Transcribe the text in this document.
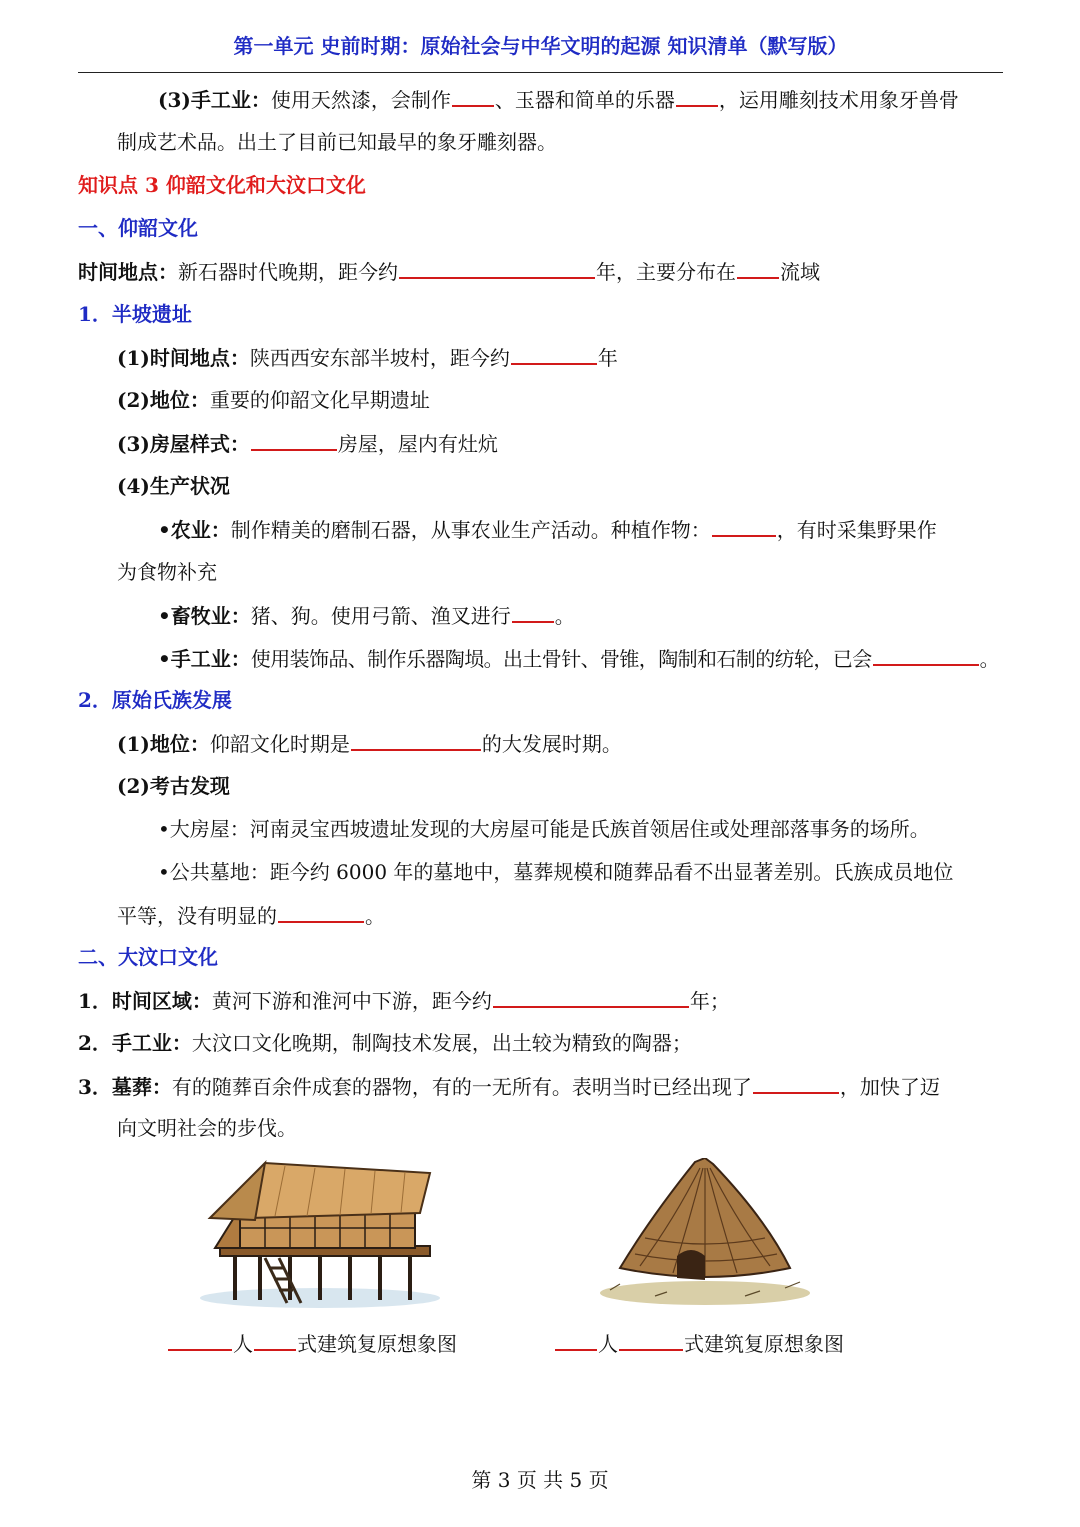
第一单元 史前时期：原始社会与中华文明的起源 知识清单（默写版）
(3)手工业：使用天然漆，会制作 、玉器和简单的乐器 ，运用雕刻技术用象牙兽骨
制成艺术品。出土了目前已知最早的象牙雕刻器。
知识点 3 仰韶文化和大汶口文化
一、仰韶文化
时间地点：新石器时代晚期，距今约	年，主要分布在 流域
1．半坡遗址
(1)时间地点：陕西西安东部半坡村，距今约	年
(2)地位：重要的仰韶文化早期遗址
(3)房屋样式：	房屋，屋内有灶炕
(4)生产状况
•农业：制作精美的磨制石器，从事农业生产活动。种植作物：	，有时采集野果作
为食物补充
•畜牧业：猪、狗。使用弓箭、渔叉进行 。
•手工业：使用装饰品、制作乐器陶埙。出土骨针、骨锥，陶制和石制的纺轮，已会	。
2．原始氏族发展
(1)地位：仰韶文化时期是	的大发展时期。
(2)考古发现
•大房屋：河南灵宝西坡遗址发现的大房屋可能是氏族首领居住或处理部落事务的场所。
•公共墓地：距今约 6000 年的墓地中，墓葬规模和随葬品看不出显著差别。氏族成员地位
平等，没有明显的	。
二、大汶口文化
1．时间区域：黄河下游和淮河中下游，距今约	年；
2．手工业：大汶口文化晚期，制陶技术发展，出土较为精致的陶器；
3．墓葬：有的随葬百余件成套的器物，有的一无所有。表明当时已经出现了	，加快了迈
向文明社会的步伐。
人 式建筑复原想象图	人	式建筑复原想象图
第 3 页 共 5 页
